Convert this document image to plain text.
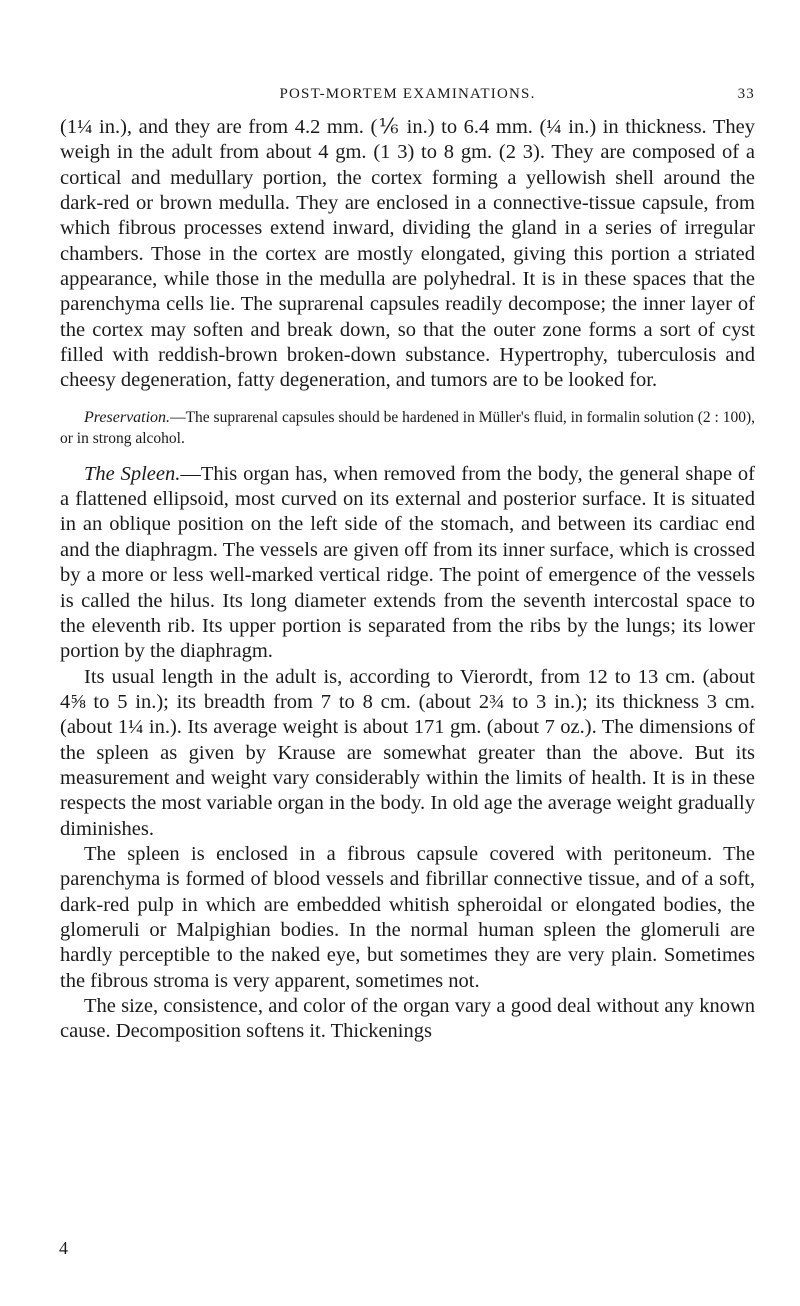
POST-MORTEM EXAMINATIONS.	33

(1¼ in.), and they are from 4.2 mm. (⅙ in.) to 6.4 mm. (¼ in.) in thickness. They weigh in the adult from about 4 gm. (1 3) to 8 gm. (2 3). They are composed of a cortical and medullary portion, the cortex forming a yellowish shell around the dark-red or brown medulla. They are enclosed in a connective-tissue capsule, from which fibrous processes extend inward, dividing the gland in a series of irregular chambers. Those in the cortex are mostly elongated, giving this portion a striated appearance, while those in the medulla are polyhedral. It is in these spaces that the parenchyma cells lie. The suprarenal capsules readily decompose; the inner layer of the cortex may soften and break down, so that the outer zone forms a sort of cyst filled with reddish-brown broken-down substance. Hypertrophy, tuberculosis and cheesy degeneration, fatty degeneration, and tumors are to be looked for.

Preservation.—The suprarenal capsules should be hardened in Müller's fluid, in formalin solution (2 : 100), or in strong alcohol.

The Spleen.—This organ has, when removed from the body, the general shape of a flattened ellipsoid, most curved on its external and posterior surface. It is situated in an oblique position on the left side of the stomach, and between its cardiac end and the diaphragm. The vessels are given off from its inner surface, which is crossed by a more or less well-marked vertical ridge. The point of emergence of the vessels is called the hilus. Its long diameter extends from the seventh intercostal space to the eleventh rib. Its upper portion is separated from the ribs by the lungs; its lower portion by the diaphragm.

Its usual length in the adult is, according to Vierordt, from 12 to 13 cm. (about 4⅝ to 5 in.); its breadth from 7 to 8 cm. (about 2¾ to 3 in.); its thickness 3 cm. (about 1¼ in.). Its average weight is about 171 gm. (about 7 oz.). The dimensions of the spleen as given by Krause are somewhat greater than the above. But its measurement and weight vary considerably within the limits of health. It is in these respects the most variable organ in the body. In old age the average weight gradually diminishes.

The spleen is enclosed in a fibrous capsule covered with peritoneum. The parenchyma is formed of blood vessels and fibrillar connective tissue, and of a soft, dark-red pulp in which are embedded whitish spheroidal or elongated bodies, the glomeruli or Malpighian bodies. In the normal human spleen the glomeruli are hardly perceptible to the naked eye, but sometimes they are very plain. Sometimes the fibrous stroma is very apparent, sometimes not.

The size, consistence, and color of the organ vary a good deal without any known cause. Decomposition softens it. Thickenings

4
